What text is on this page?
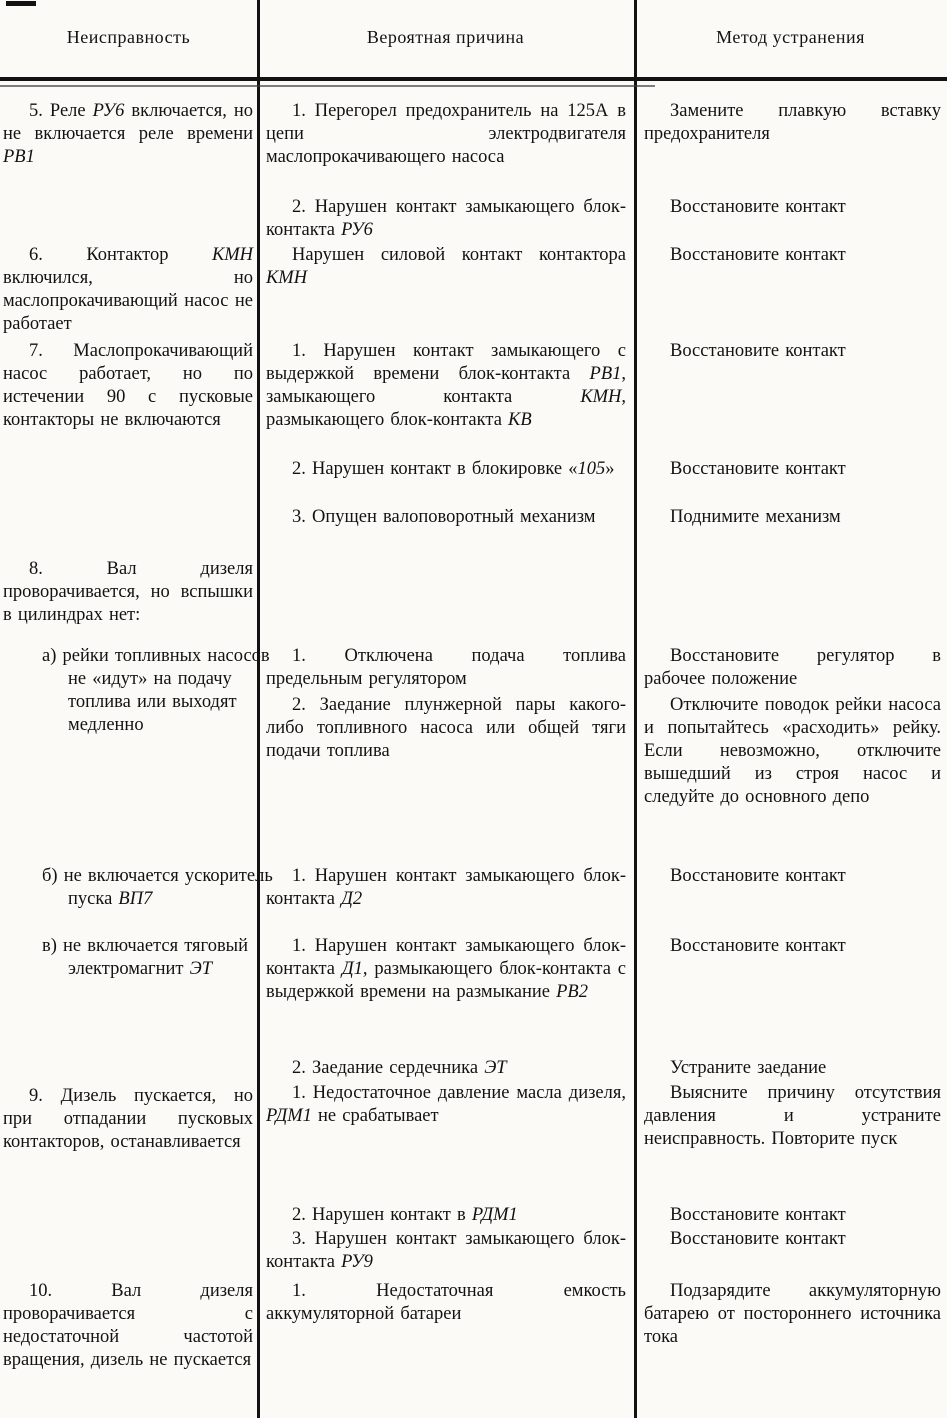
Неисправность	Вероятная причина	Метод устранения
5. Реле РУ6 включается, но не включается реле времени РВ1
6. Контактор КМН включился, но маслопрокачивающий насос не работает
7. Маслопрокачивающий насос работает, но по истечении 90 с пусковые контакторы не включаются
8. Вал дизеля проворачивается, но вспышки в цилиндрах нет:
а) рейки топливных насосов не «идут» на подачу топлива или выходят медленно
б) не включается ускоритель пуска ВП7
в) не включается тяговый электромагнит ЭТ
9. Дизель пускается, но при отпадании пусковых контакторов, останавливается
10. Вал дизеля проворачивается с недостаточной частотой вращения, дизель не пускается
1. Перегорел предохранитель на 125А в цепи электродвигателя маслопрокачивающего насоса
2. Нарушен контакт замыкающего блок-контакта РУ6
Нарушен силовой контакт контактора КМН
1. Нарушен контакт замыкающего с выдержкой времени блок-контакта РВ1, замыкающего контакта КМН, размыкающего блок-контакта КВ
2. Нарушен контакт в блокировке «105»
3. Опущен валоповоротный механизм
1. Отключена подача топлива предельным регулятором
2. Заедание плунжерной пары какого-либо топливного насоса или общей тяги подачи топлива
1. Нарушен контакт замыкающего блок-контакта Д2
1. Нарушен контакт замыкающего блок-контакта Д1, размыкающего блок-контакта с выдержкой времени на размыкание РВ2
2. Заедание сердечника ЭТ
1. Недостаточное давление масла дизеля, РДМ1 не срабатывает
2. Нарушен контакт в РДМ1
3. Нарушен контакт замыкающего блок-контакта РУ9
1. Недостаточная емкость аккумуляторной батареи
Замените плавкую вставку предохранителя
Восстановите контакт
Восстановите контакт
Восстановите контакт
Восстановите контакт
Поднимите механизм
Восстановите регулятор в рабочее положение
Отключите поводок рейки насоса и попытайтесь «расходить» рейку. Если невозможно, отключите вышедший из строя насос и следуйте до основного депо
Восстановите контакт
Восстановите контакт
Устраните заедание
Выясните причину отсутствия давления и устраните неисправность. Повторите пуск
Восстановите контакт
Восстановите контакт
Подзарядите аккумуляторную батарею от постороннего источника тока
